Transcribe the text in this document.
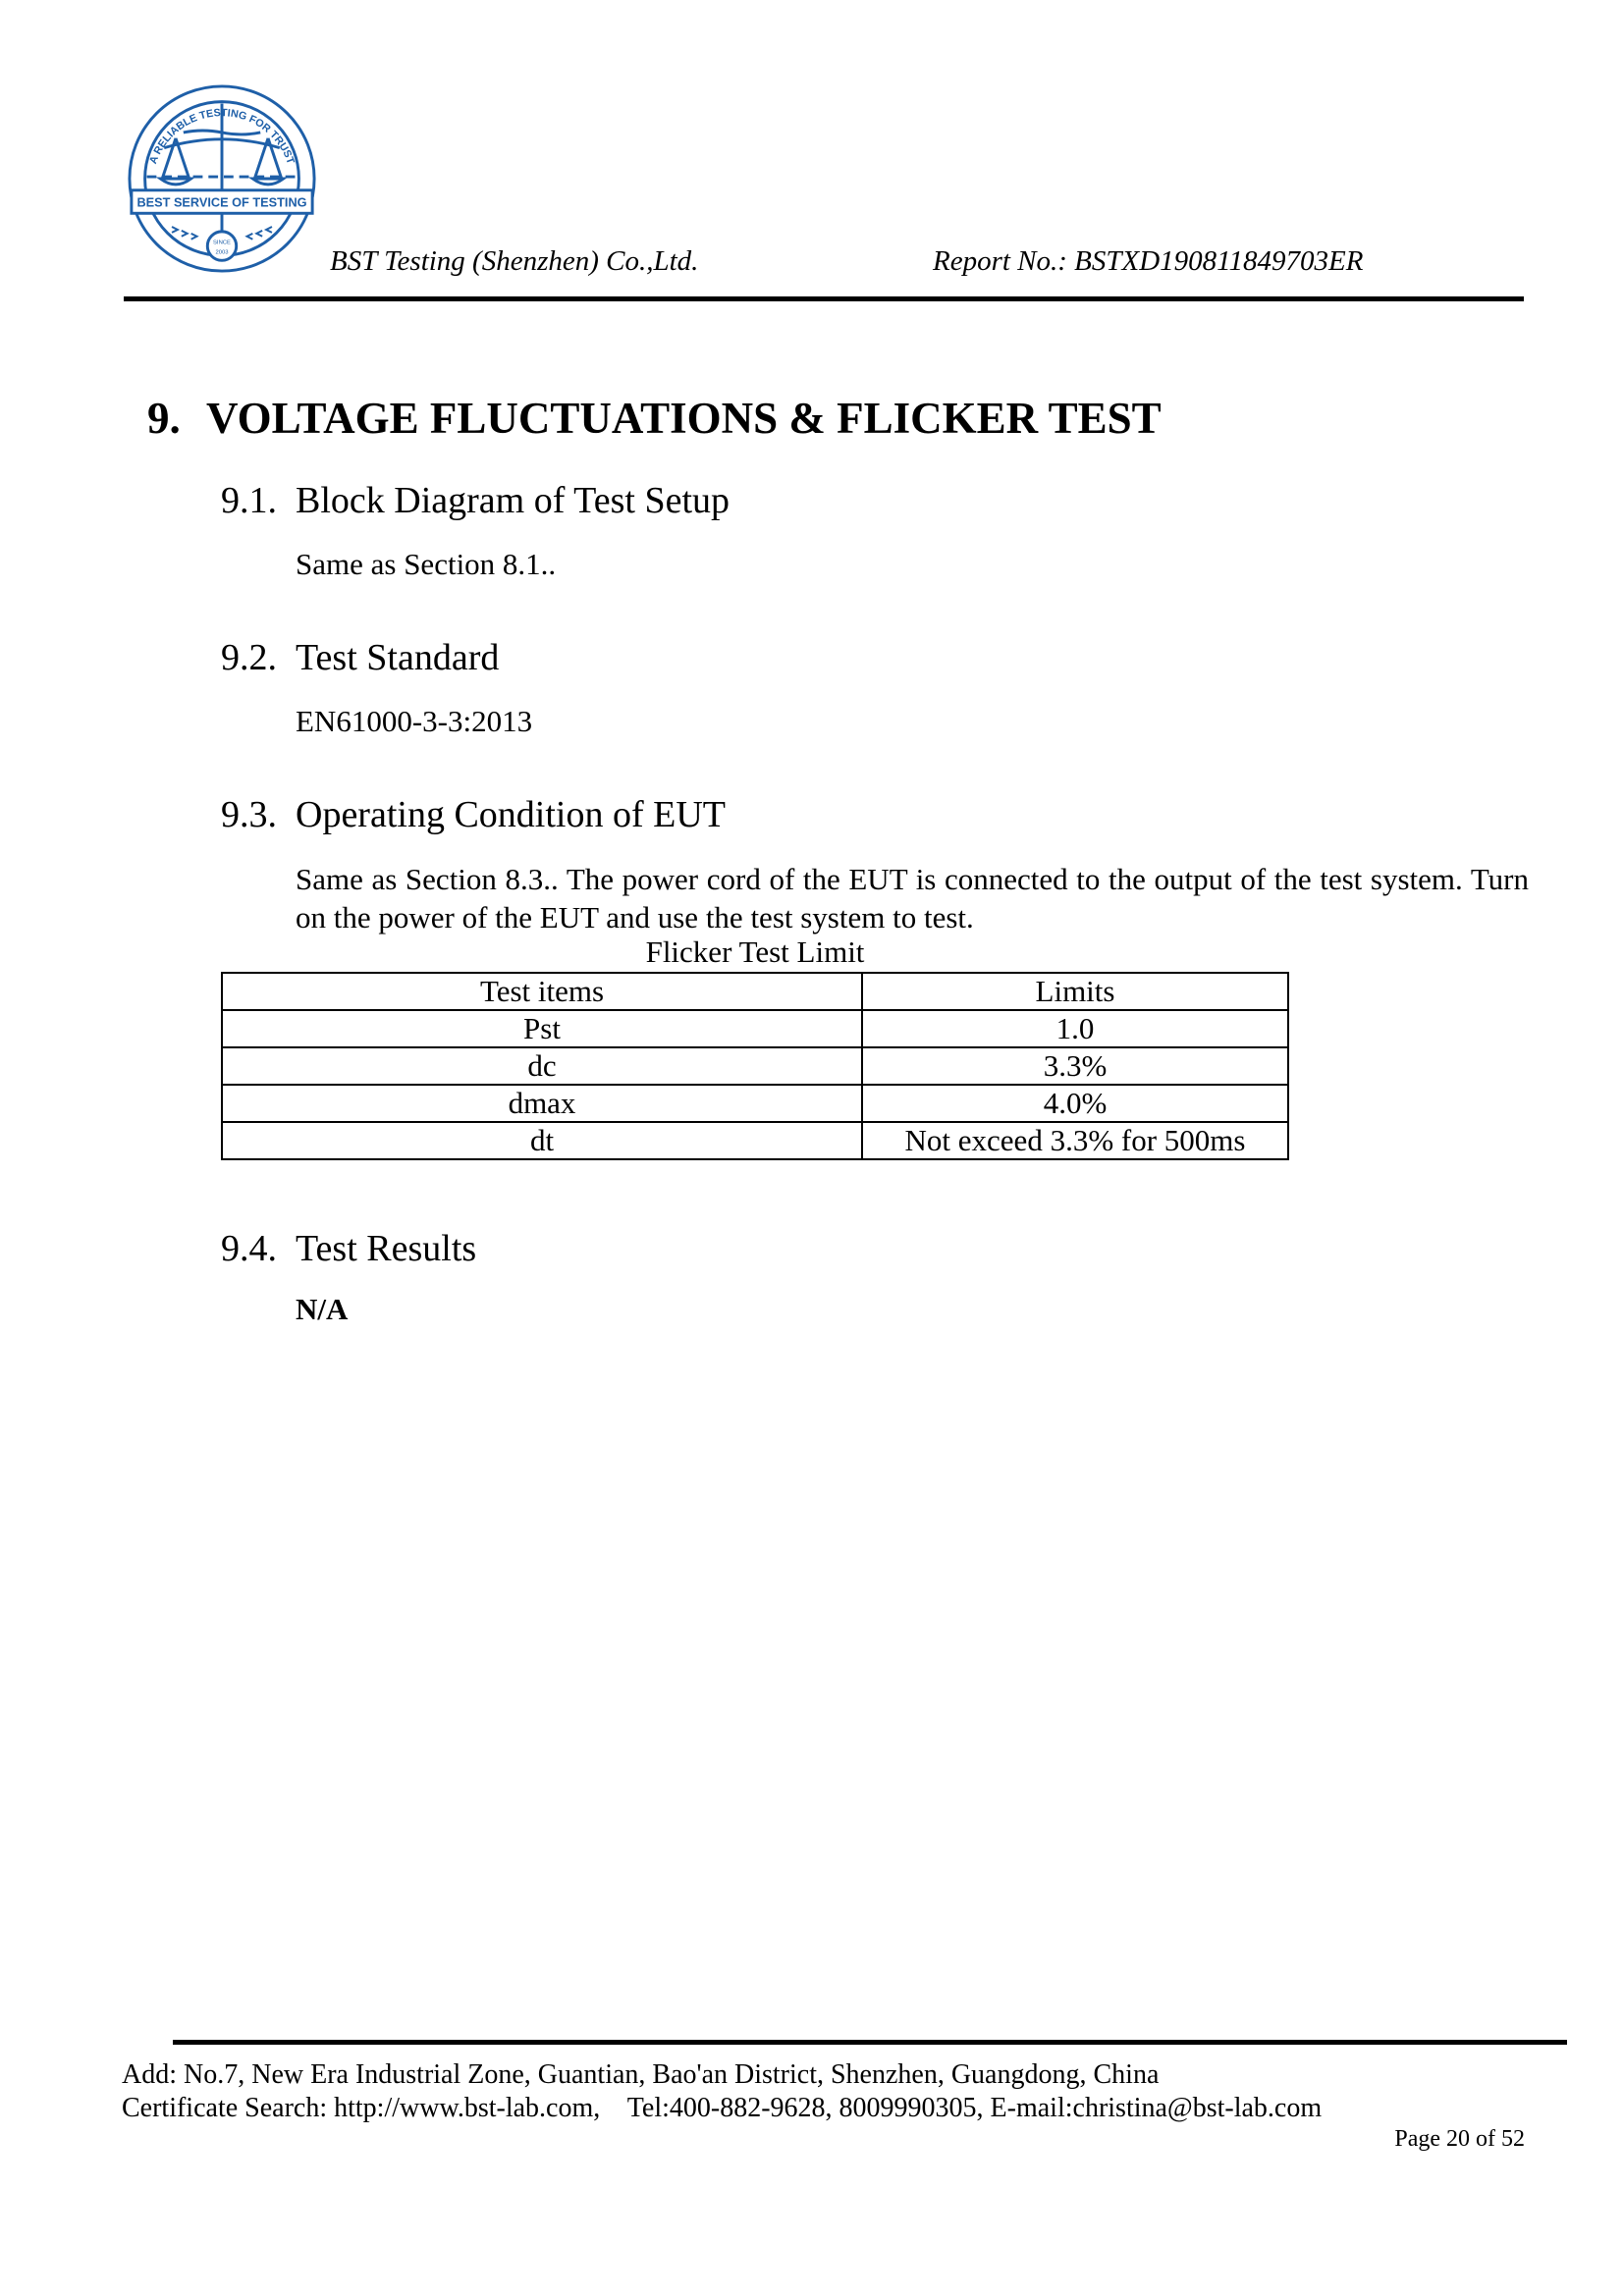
A RELIABLE TESTING FOR TRUST
BEST SERVICE OF TESTING
SINCE
2003	BST Testing (Shenzhen) Co.,Ltd.	Report No.: BSTXD190811849703ER
9. VOLTAGE FLUCTUATIONS & FLICKER TEST
9.1. Block Diagram of Test Setup
Same as Section 8.1..
9.2. Test Standard
EN61000-3-3:2013
9.3. Operating Condition of EUT
Same as Section 8.3.. The power cord of the EUT is connected to the output of the test system. Turn on the power of the EUT and use the test system to test.
Flicker Test Limit
Test items	Limits
Pst	1.0
dc	3.3%
dmax	4.0%
dt	Not exceed 3.3% for 500ms
9.4. Test Results
N/A
Add: No.7, New Era Industrial Zone, Guantian, Bao'an District, Shenzhen, Guangdong, China
Certificate Search: http://www.bst-lab.com,    Tel:400-882-9628, 8009990305, E-mail:christina@bst-lab.com
Page 20 of 52
